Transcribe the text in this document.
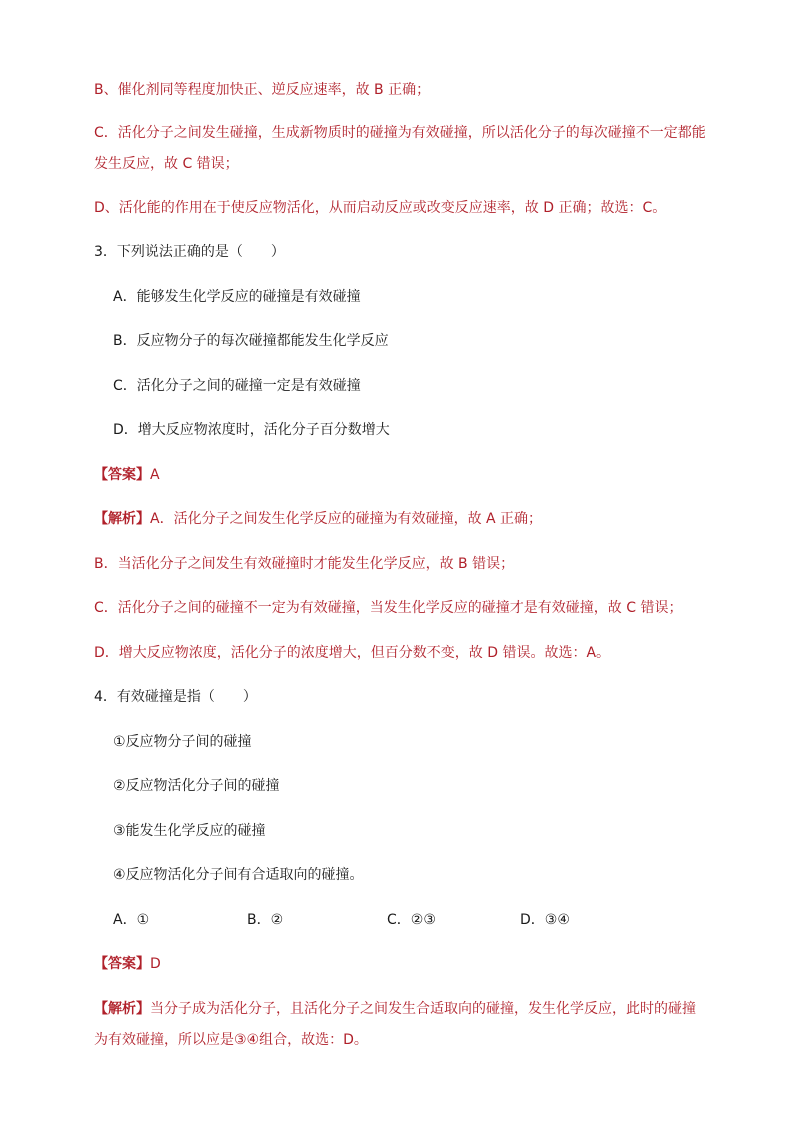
B、催化剂同等程度加快正、逆反应速率，故 B 正确；
C．活化分子之间发生碰撞，生成新物质时的碰撞为有效碰撞，所以活化分子的每次碰撞不一定都能
发生反应，故 C 错误；
D、活化能的作用在于使反应物活化，从而启动反应或改变反应速率，故 D 正确；故选：C。
3．下列说法正确的是（　　）
A．能够发生化学反应的碰撞是有效碰撞
B．反应物分子的每次碰撞都能发生化学反应
C．活化分子之间的碰撞一定是有效碰撞
D．增大反应物浓度时，活化分子百分数增大
【答案】A
【解析】A．活化分子之间发生化学反应的碰撞为有效碰撞，故 A 正确；
B．当活化分子之间发生有效碰撞时才能发生化学反应，故 B 错误；
C．活化分子之间的碰撞不一定为有效碰撞，当发生化学反应的碰撞才是有效碰撞，故 C 错误；
D．增大反应物浓度，活化分子的浓度增大，但百分数不变，故 D 错误。故选：A。
4．有效碰撞是指（　　）
①反应物分子间的碰撞
②反应物活化分子间的碰撞
③能发生化学反应的碰撞
④反应物活化分子间有合适取向的碰撞。
A．①	B．②	C．②③	D．③④
【答案】D
【解析】当分子成为活化分子，且活化分子之间发生合适取向的碰撞，发生化学反应，此时的碰撞
为有效碰撞，所以应是③④组合，故选：D。
